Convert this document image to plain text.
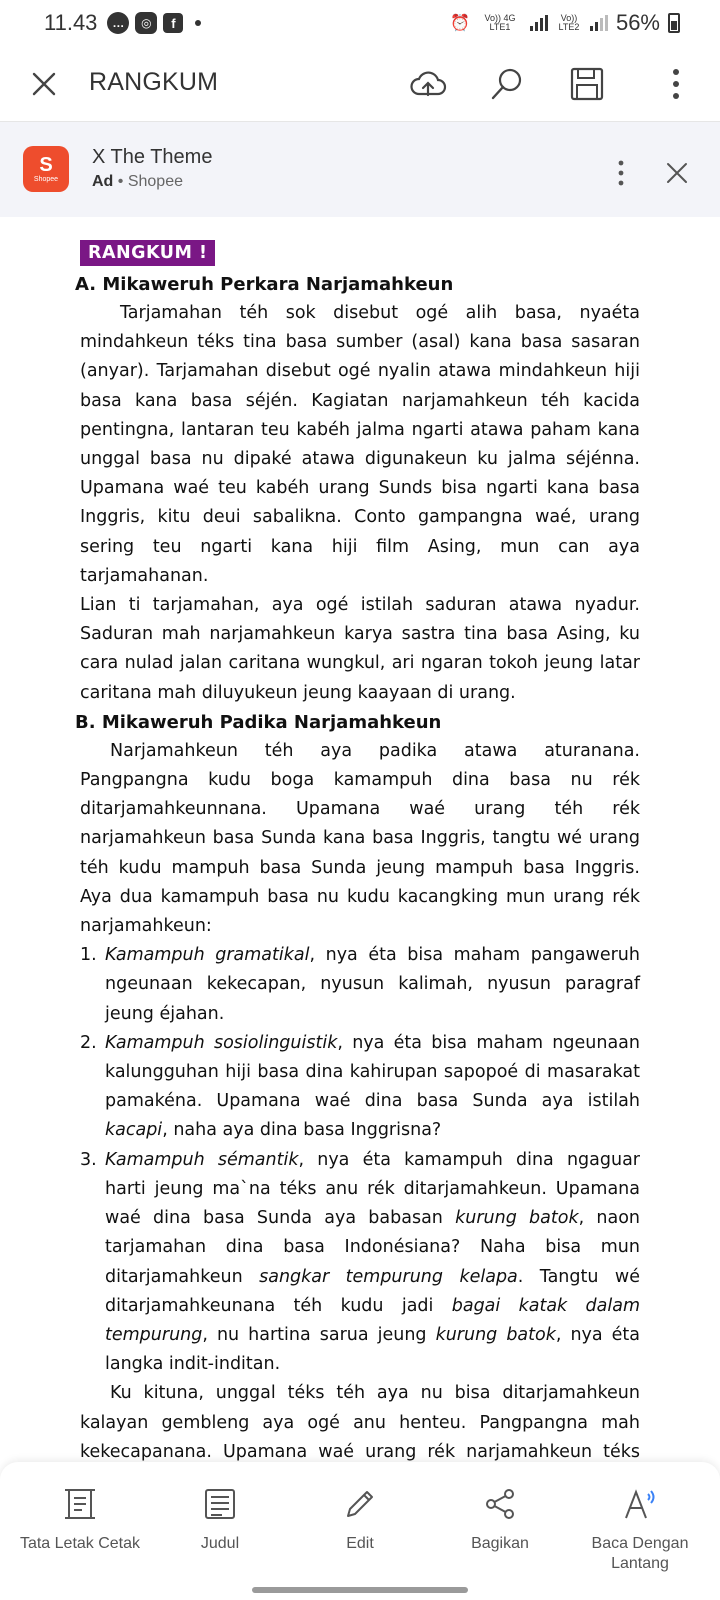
11.43	…	◎	f	⏰	Vo)) 4G LTE1
Vo)) LTE2 56%
RANGKUM
S
Shopee
X The Theme
Ad • Shopee
RANGKUM !
A. Mikaweruh Perkara Narjamahkeun

Tarjamahan téh sok disebut ogé alih basa, nyaéta mindahkeun téks tina basa sumber (asal) kana basa sasaran (anyar). Tarjamahan disebut ogé nyalin atawa mindahkeun hiji basa kana basa séjén. Kagiatan narjamahkeun téh kacida pentingna, lantaran teu kabéh jalma ngarti atawa paham kana unggal basa nu dipaké atawa digunakeun ku jalma séjénna. Upamana waé teu kabéh urang Sunds bisa ngarti kana basa Inggris, kitu deui sabalikna. Conto gampangna waé, urang sering teu ngarti kana hiji film Asing, mun can aya tarjamahanan.

Lian ti tarjamahan, aya ogé istilah saduran atawa nyadur. Saduran mah narjamahkeun karya sastra tina basa Asing, ku cara nulad jalan caritana wungkul, ari ngaran tokoh jeung latar caritana mah diluyukeun jeung kaayaan di urang.

B. Mikaweruh Padika Narjamahkeun

Narjamahkeun téh aya padika atawa aturanana. Pangpangna kudu boga kamampuh dina basa nu rék ditarjamahkeunnana. Upamana waé urang téh rék narjamahkeun basa Sunda kana basa Inggris, tangtu wé urang téh kudu mampuh basa Sunda jeung mampuh basa Inggris. Aya dua kamampuh basa nu kudu kacangking mun urang rék narjamahkeun:

1. Kamampuh gramatikal, nya éta bisa maham pangaweruh ngeunaan kekecapan, nyusun kalimah, nyusun paragraf jeung éjahan.
2. Kamampuh sosiolinguistik, nya éta bisa maham ngeunaan kalungguhan hiji basa dina kahirupan sapopoé di masarakat pamakéna. Upamana waé dina basa Sunda aya istilah kacapi, naha aya dina basa Inggrisna?
3. Kamampuh sémantik, nya éta kamampuh dina ngaguar harti jeung ma`na téks anu rék ditarjamahkeun. Upamana waé dina basa Sunda aya babasan kurung batok, naon tarjamahan dina basa Indonésiana? Naha bisa mun ditarjamahkeun sangkar tempurung kelapa. Tangtu wé ditarjamahkeunana téh kudu jadi bagai katak dalam tempurung, nu hartina sarua jeung kurung batok, nya éta langka indit-inditan.

Ku kituna, unggal téks téh aya nu bisa ditarjamahkeun kalayan gembleng aya ogé anu henteu. Pangpangna mah kekecapanana. Upamana waé urang rék narjamahkeun téks

Tata Letak Cetak	Judul	Edit	Bagikan	Baca Dengan Lantang
